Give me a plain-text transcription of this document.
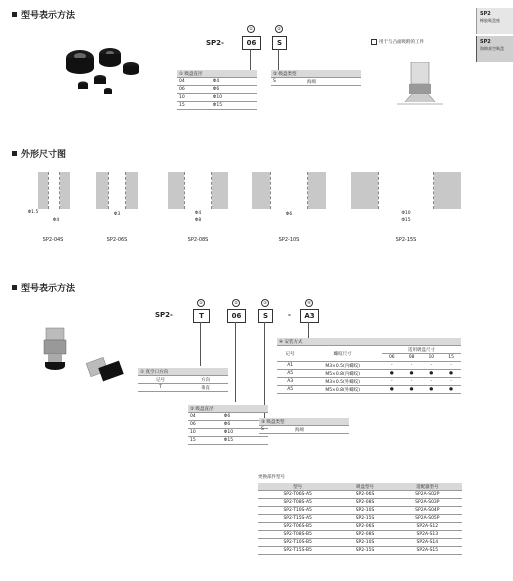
SP2
橡胶吸盘座
SP2
海绵真空吸盘
型号表示方法
SP2-	06	S
①	②
用于与凸面吸附的工件
① 吸盘直径	
04	Φ4
06	Φ6
10	Φ10
15	Φ15
② 吸盘类型
S	海绵
外形尺寸图
Φ1.5
Φ4
SP2-04S
Φ3
SP2-06S
Φ4
Φ8
SP2-08S
Φ6
SP2-10S
Φ10
Φ15
SP2-15S
型号表示方法
SP2-	T	06	S	-	A3
①	②	③	④
① 真空口方向	
记号	方向
T	垂直
② 吸盘直径	
04	Φ6
06	Φ6
10	Φ10
15	Φ15
③ 吸盘类型
S	海绵
④ 安装方式					
记号	螺纹尺寸	适用吸盘尺寸			
		06	08	10	15
A1	M3×0.5(内螺纹)	-	-	-	-
A5	M5×0.8(内螺纹)	●	●	●	●
A3	M3×0.5(外螺纹)	-	-	-	-
A5	M5×0.8(外螺纹)	●	●	●	●
更换部件型号
型号	吸盘型号	适配器型号
SP2-T06S-A5	SP2-06S	SP2A-S02P
SP2-T08S-A5	SP2-08S	SP2A-S03P
SP2-T10S-A5	SP2-10S	SP2A-S04P
SP2-T15S-A5	SP2-15S	SP2A-S05P
SP2-T06S-B5	SP2-06S	SP2A-S12
SP2-T08S-B5	SP2-08S	SP2A-S13
SP2-T10S-B5	SP2-10S	SP2A-S14
SP2-T15S-B5	SP2-15S	SP2A-S15
